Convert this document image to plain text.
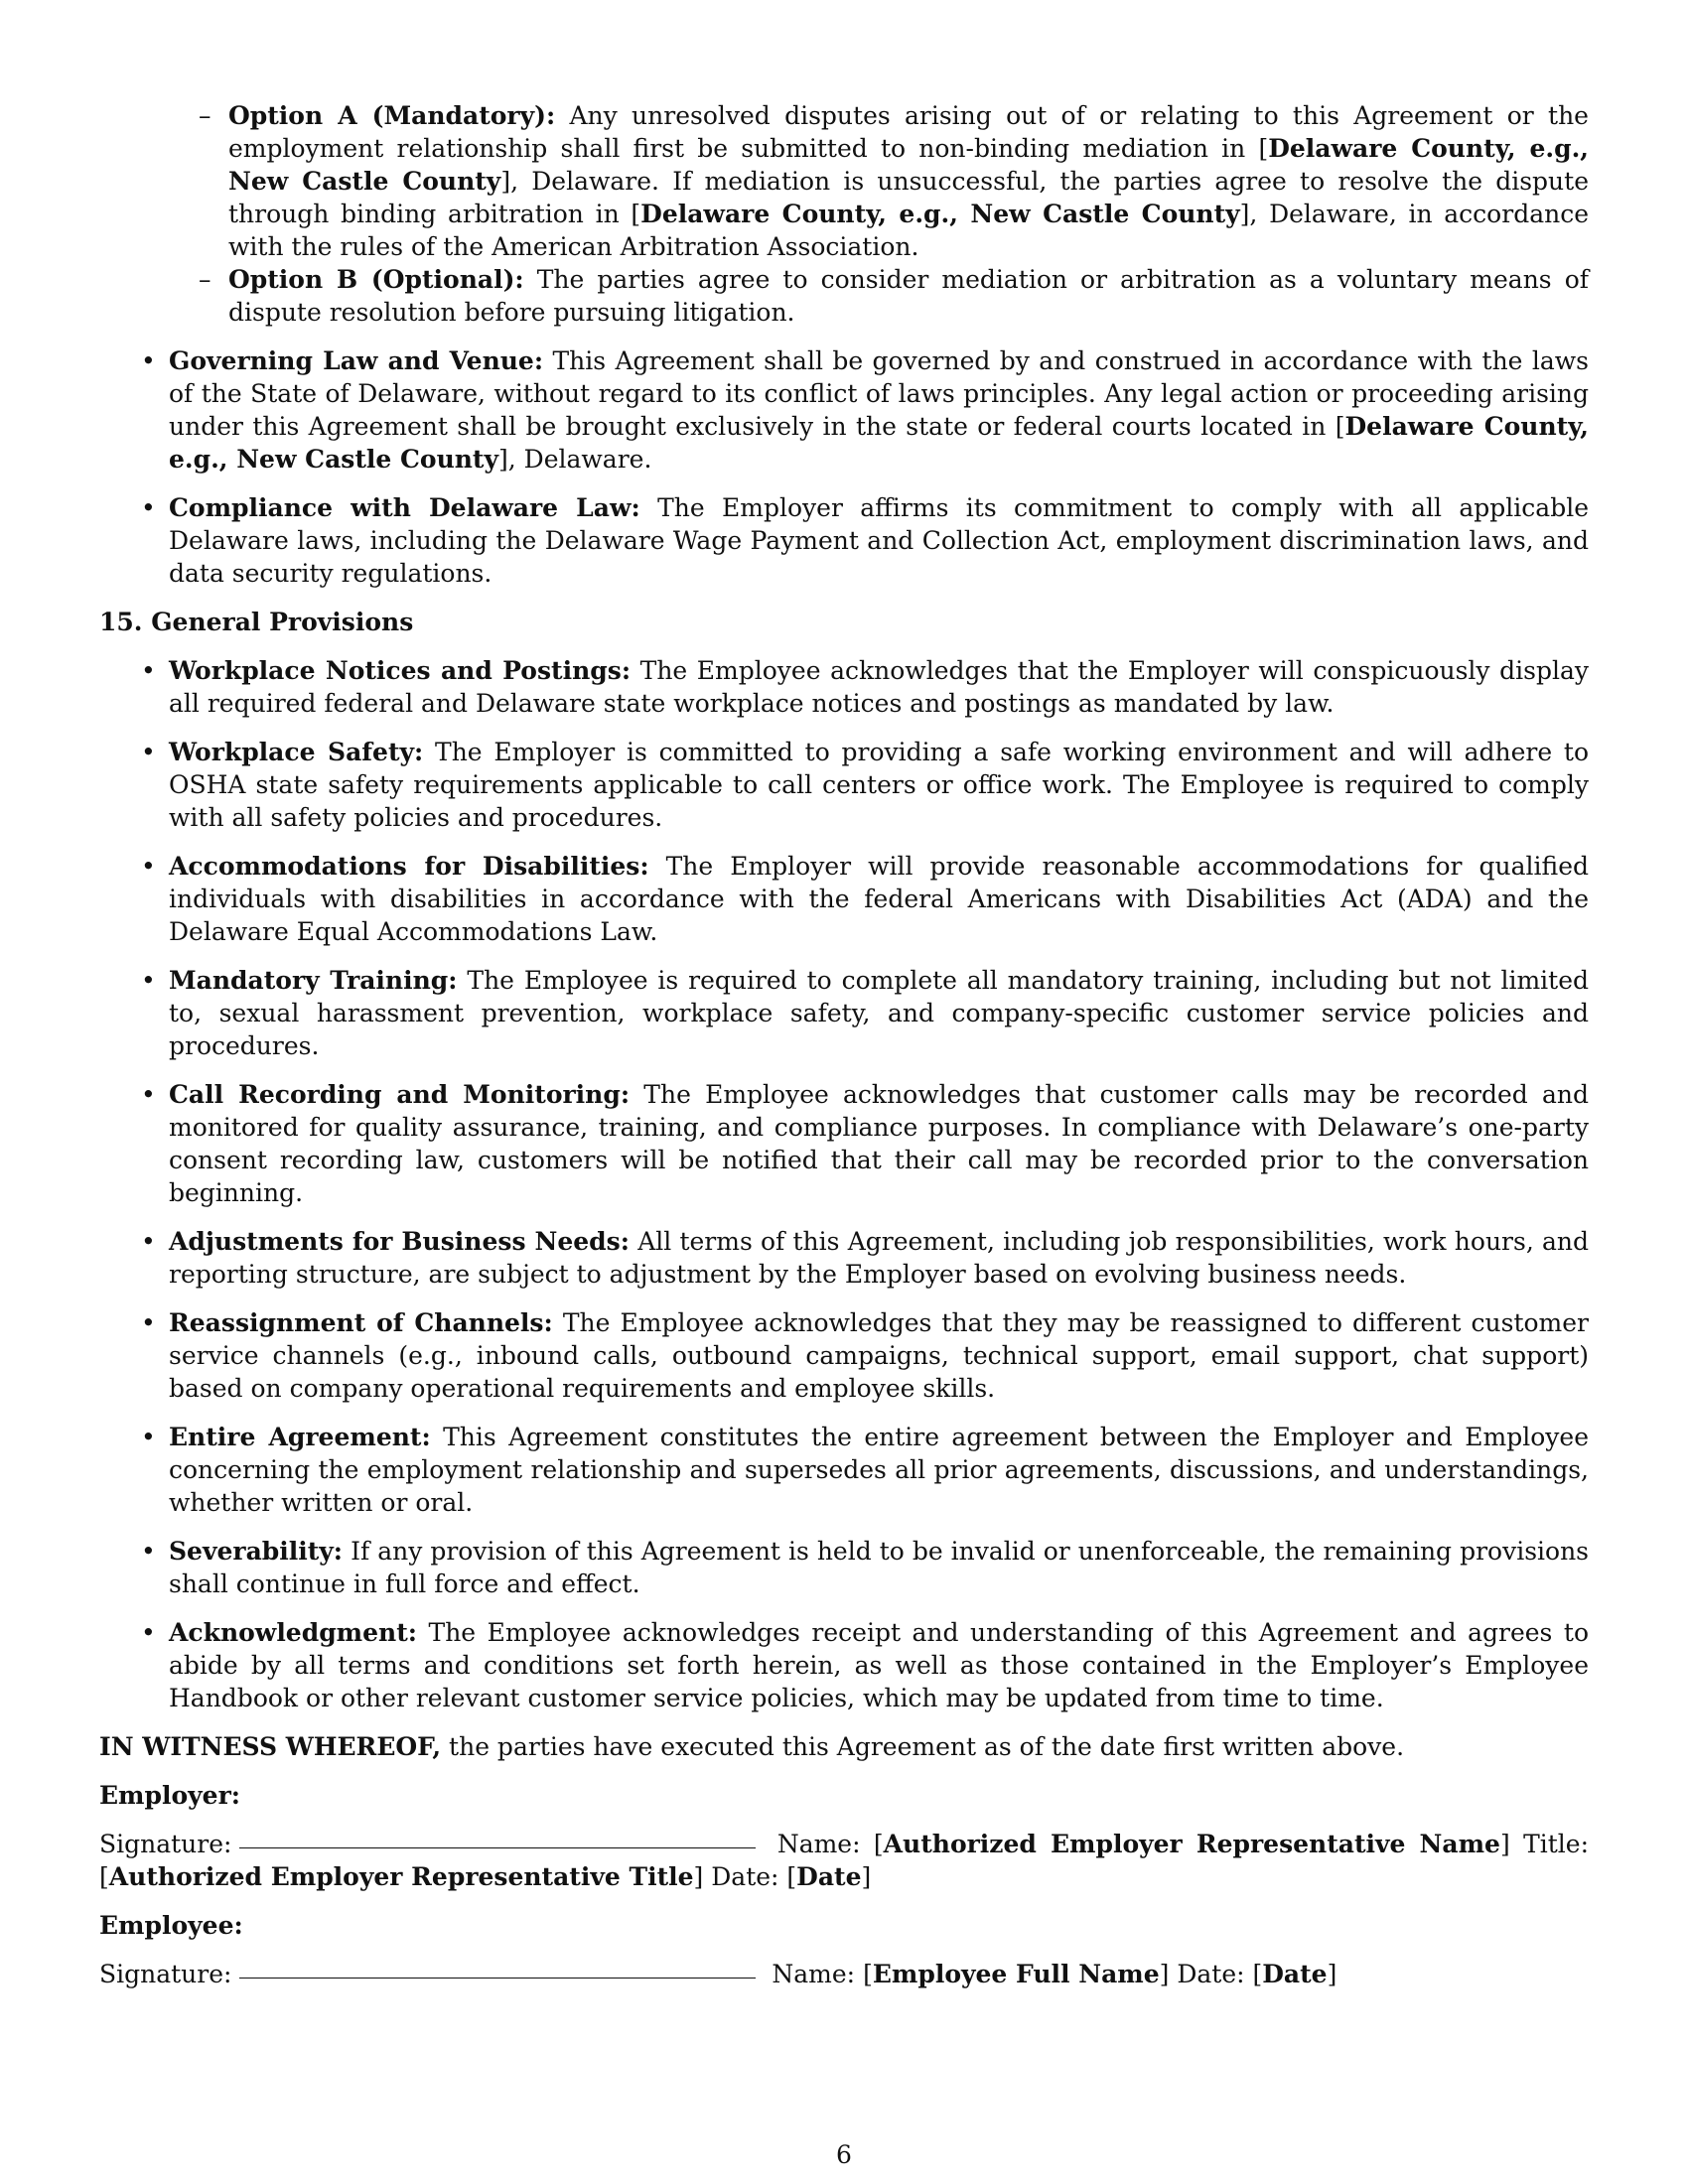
– Option A (Mandatory): Any unresolved disputes arising out of or relating to this Agreement or the employment relationship shall first be submitted to non-binding mediation in [Delaware County, e.g., New Castle County], Delaware. If mediation is unsuccessful, the parties agree to resolve the dispute through binding arbitration in [Delaware County, e.g., New Castle County], Delaware, in accordance with the rules of the American Arbitration Association.

– Option B (Optional): The parties agree to consider mediation or arbitration as a voluntary means of dispute resolution before pursuing litigation.

• Governing Law and Venue: This Agreement shall be governed by and construed in accordance with the laws of the State of Delaware, without regard to its conflict of laws principles. Any legal action or proceeding arising under this Agreement shall be brought exclusively in the state or federal courts located in [Delaware County, e.g., New Castle County], Delaware.

• Compliance with Delaware Law: The Employer affirms its commitment to comply with all applicable Delaware laws, including the Delaware Wage Payment and Collection Act, employment discrimination laws, and data security regulations.

15. General Provisions

• Workplace Notices and Postings: The Employee acknowledges that the Employer will conspicuously display all required federal and Delaware state workplace notices and postings as mandated by law.

• Workplace Safety: The Employer is committed to providing a safe working environment and will adhere to OSHA state safety requirements applicable to call centers or office work. The Employee is required to comply with all safety policies and procedures.

• Accommodations for Disabilities: The Employer will provide reasonable accommodations for qualified individuals with disabilities in accordance with the federal Americans with Disabilities Act (ADA) and the Delaware Equal Accommodations Law.

• Mandatory Training: The Employee is required to complete all mandatory training, including but not limited to, sexual harassment prevention, workplace safety, and company-specific customer service policies and procedures.

• Call Recording and Monitoring: The Employee acknowledges that customer calls may be recorded and monitored for quality assurance, training, and compliance purposes. In compliance with Delaware’s one-party consent recording law, customers will be notified that their call may be recorded prior to the conversation beginning.

• Adjustments for Business Needs: All terms of this Agreement, including job responsibilities, work hours, and reporting structure, are subject to adjustment by the Employer based on evolving business needs.

• Reassignment of Channels: The Employee acknowledges that they may be reassigned to different customer service channels (e.g., inbound calls, outbound campaigns, technical support, email support, chat support) based on company operational requirements and employee skills.

• Entire Agreement: This Agreement constitutes the entire agreement between the Employer and Employee concerning the employment relationship and supersedes all prior agreements, discussions, and understandings, whether written or oral.

• Severability: If any provision of this Agreement is held to be invalid or unenforceable, the remaining provisions shall continue in full force and effect.

• Acknowledgment: The Employee acknowledges receipt and understanding of this Agreement and agrees to abide by all terms and conditions set forth herein, as well as those contained in the Employer’s Employee Handbook or other relevant customer service policies, which may be updated from time to time.

IN WITNESS WHEREOF, the parties have executed this Agreement as of the date first written above.

Employer:

Signature:	Name: [Authorized Employer Representative Name] Title: [Authorized Employer Representative Title] Date: [Date]

Employee:

Signature:	Name: [Employee Full Name] Date: [Date]

6
